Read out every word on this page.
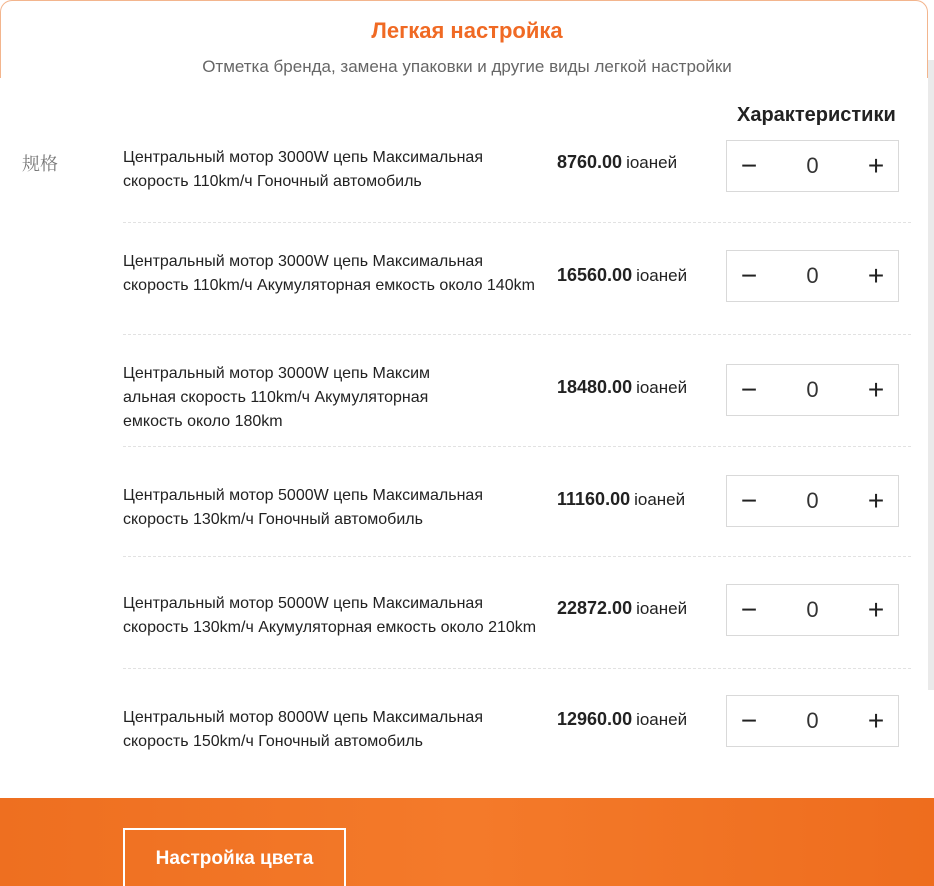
Легкая настройка
Отметка бренда, замена упаковки и другие виды легкой настройки
Характеристики
规格	Центральный мотор 3000W цепь Максимальная скорость 110km/ч Гоночный автомобиль
8760.00 ioaней	−	0	+
Центральный мотор 3000W цепь Максимальная скорость 110km/ч Акумуляторная емкость около 140km
16560.00 ioaней	−	0	+
Центральный мотор 3000W цепь Максим альная скорость 110km/ч Акумуляторная емкость около 180km
18480.00 ioaней	−	0	+
Центральный мотор 5000W цепь Максимальная скорость 130km/ч Гоночный автомобиль
11160.00 ioaней	−	0	+
Центральный мотор 5000W цепь Максимальная скорость 130km/ч Акумуляторная емкость около 210km
22872.00 ioaней	−	0	+
Центральный мотор 8000W цепь Максимальная скорость 150km/ч Гоночный автомобиль
12960.00 ioaней	−	0	+
Настройка цвета
